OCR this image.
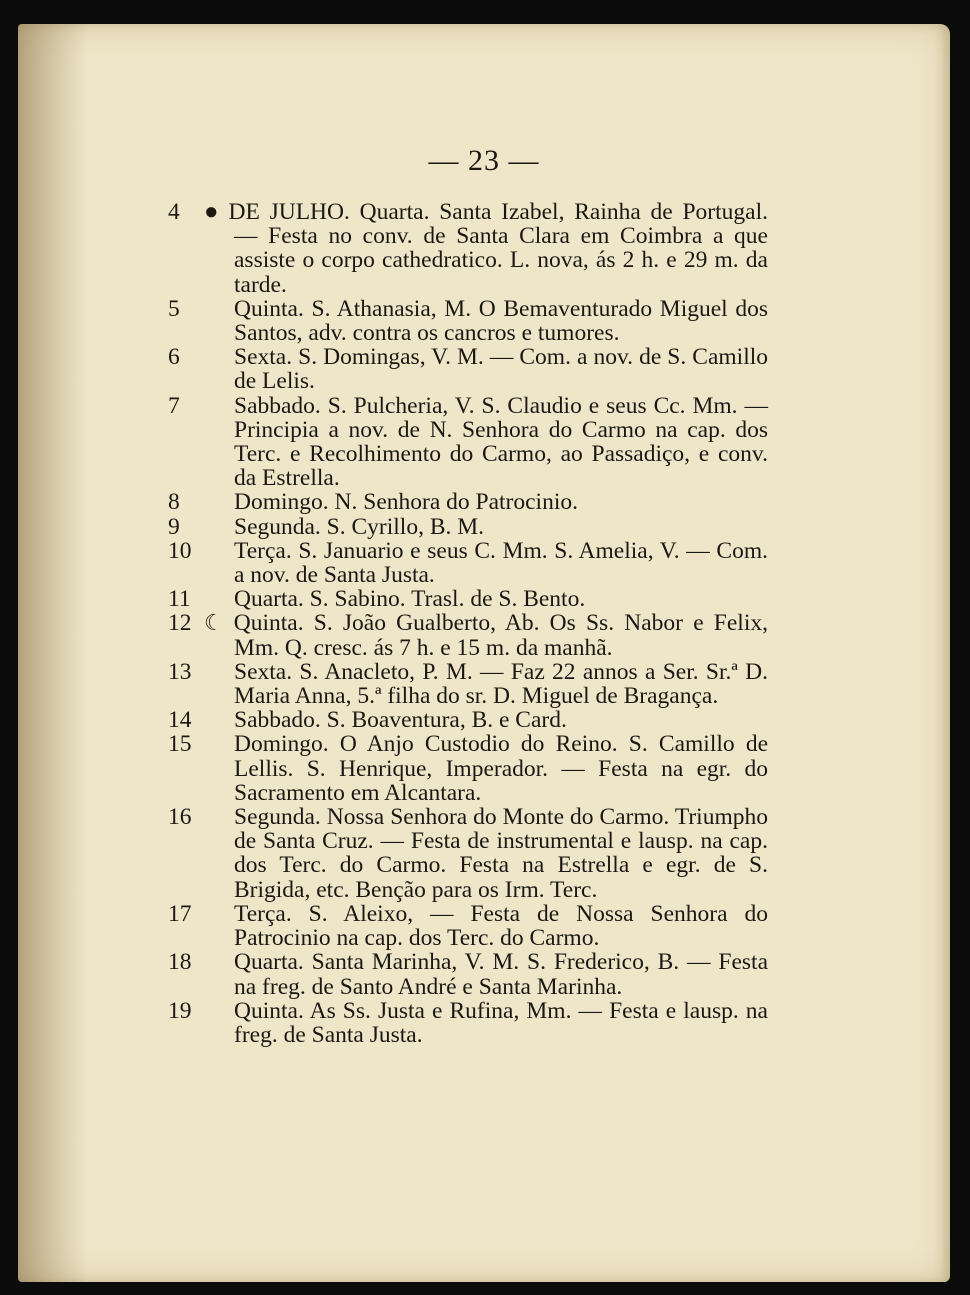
— 23 —
4	● DE JULHO. Quarta. Santa Izabel, Rainha de Portugal. — Festa no conv. de Santa Clara em Coimbra a que assiste o corpo cathedratico. L. nova, ás 2 h. e 29 m. da tarde.
5	Quinta. S. Athanasia, M. O Bemaventurado Miguel dos Santos, adv. contra os cancros e tumores.
6	Sexta. S. Domingas, V. M. — Com. a nov. de S. Camillo de Lelis.
7	Sabbado. S. Pulcheria, V. S. Claudio e seus Cc. Mm. — Principia a nov. de N. Senhora do Carmo na cap. dos Terc. e Recolhimento do Carmo, ao Passadiço, e conv. da Estrella.
8	Domingo. N. Senhora do Patrocinio.
9	Segunda. S. Cyrillo, B. M.
10	Terça. S. Januario e seus C. Mm. S. Amelia, V. — Com. a nov. de Santa Justa.
11	Quarta. S. Sabino. Trasl. de S. Bento.
12 ☾ Quinta. S. João Gualberto, Ab. Os Ss. Nabor e Felix, Mm. Q. cresc. ás 7 h. e 15 m. da manhã.
13	Sexta. S. Anacleto, P. M. — Faz 22 annos a Ser. Sr.ª D. Maria Anna, 5.ª filha do sr. D. Miguel de Bragança.
14	Sabbado. S. Boaventura, B. e Card.
15	Domingo. O Anjo Custodio do Reino. S. Camillo de Lellis. S. Henrique, Imperador. — Festa na egr. do Sacramento em Alcantara.
16	Segunda. Nossa Senhora do Monte do Carmo. Triumpho de Santa Cruz. — Festa de instrumental e lausp. na cap. dos Terc. do Carmo. Festa na Estrella e egr. de S. Brigida, etc. Benção para os Irm. Terc.
17	Terça. S. Aleixo, — Festa de Nossa Senhora do Patrocinio na cap. dos Terc. do Carmo.
18	Quarta. Santa Marinha, V. M. S. Frederico, B. — Festa na freg. de Santo André e Santa Marinha.
19	Quinta. As Ss. Justa e Rufina, Mm. — Festa e lausp. na freg. de Santa Justa.
